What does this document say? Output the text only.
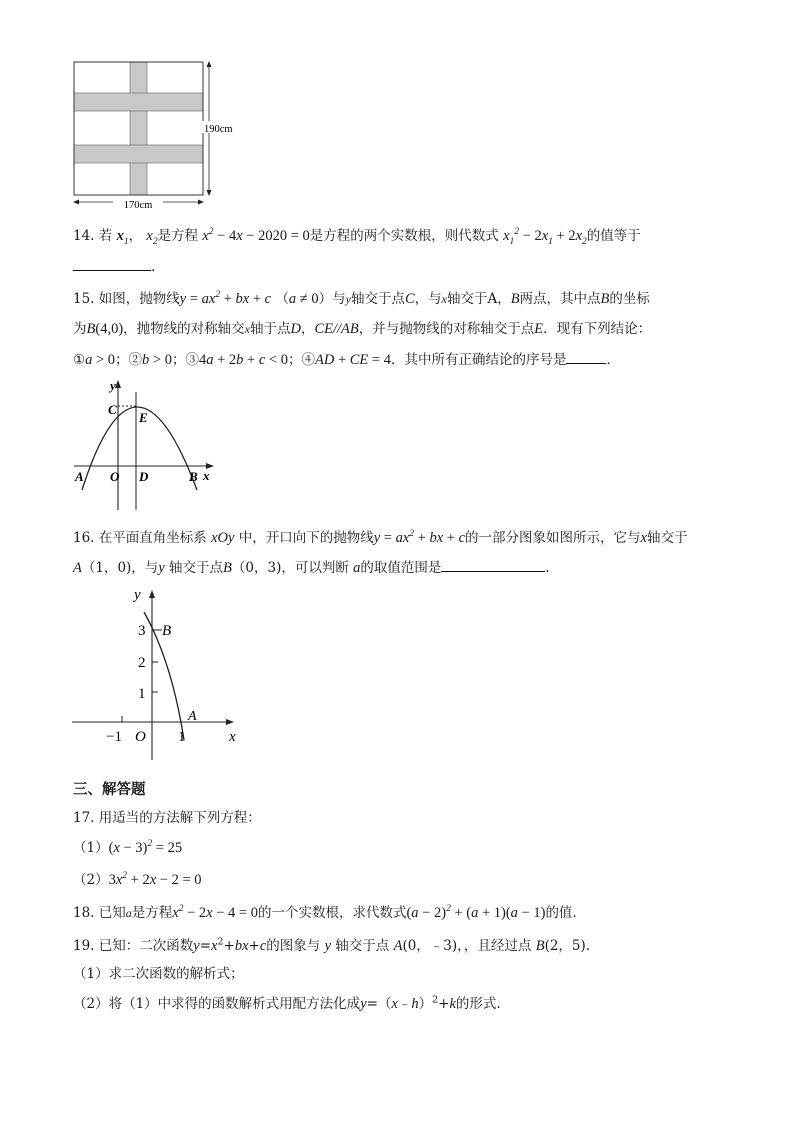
170cm
190cm
14. 若 $x_1$， $x_2$是方程 $x^2 - 4x - 2020 = 0$是方程的两个实数根，则代数式 $x_1^2 - 2x_1 + 2x_2$的值等于
.
15. 如图，抛物线$y = ax^2$ + bx + c （a ≠ 0）与y轴交于点C，与x轴交于A，B两点，其中点B的坐标
为B(4,0)，抛物线的对称轴交x轴于点D，CE//AB，并与抛物线的对称轴交于点E．现有下列结论：
①a > 0；②b > 0；③4a + 2b + c < 0；④AD + CE = 4．其中所有正确结论的序号是	．
y
C
E
A O D	B x
16. 在平面直角坐标系 xOy 中，开口向下的抛物线$y = ax^2$ + bx + c的一部分图象如图所示，它与x轴交于
A（1，0)，与y 轴交于点B（0，3)，可以判断 a的取值范围是	.
y
x
3
2
1
−1 O 1
B
A
三、解答题
17. 用适当的方法解下列方程：
$(1)(x - 3)^2 = 25$
$(2)3x^2 + 2x - 2 = 0$
18. 已知a是方程$x^2 - 2x - 4 = 0$的一个实数根，求代数式$(a - 2)^2 + (a + 1)(a - 1)$的值.
19. 已知：二次函数$y=x^2+bx+c$的图象与 y 轴交于点 A(0，﹣3)，，且经过点 B(2，5).
（1）求二次函数的解析式；
（2）将（1）中求得的函数解析式用配方法化成y=（x﹣h）$^2$+k的形式.
